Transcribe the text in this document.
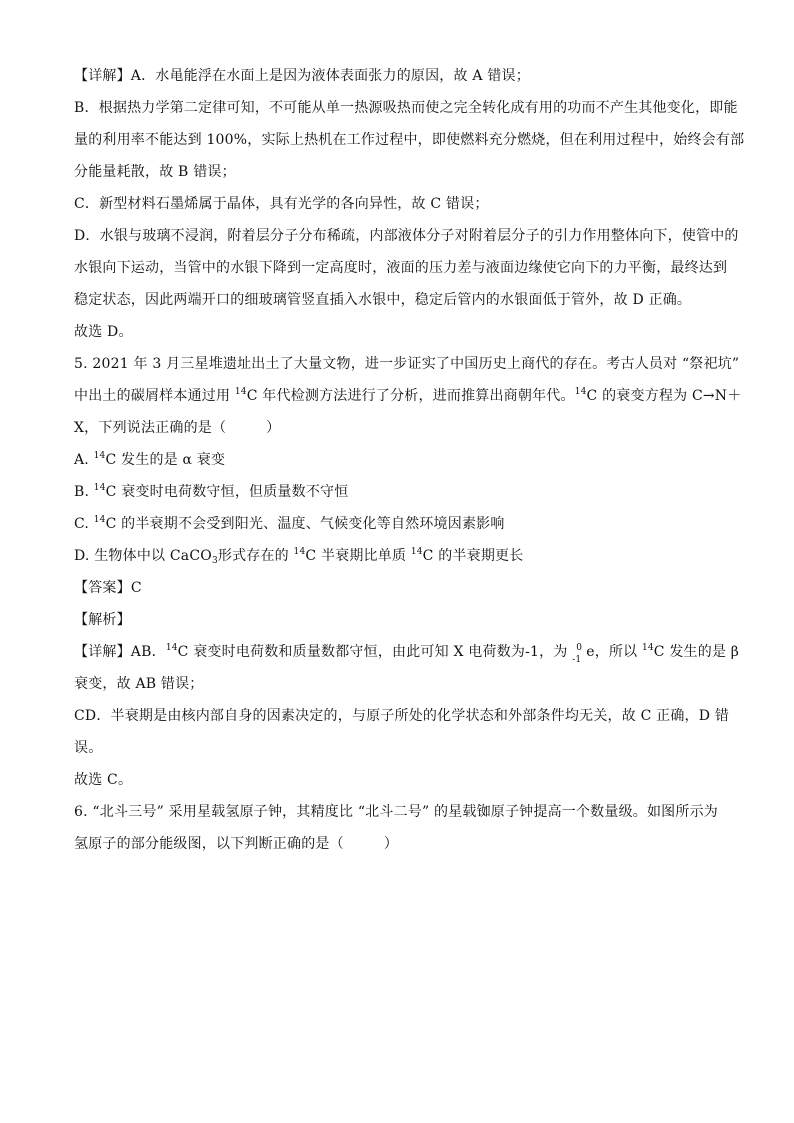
【详解】A．水黾能浮在水面上是因为液体表面张力的原因，故 A 错误；
B．根据热力学第二定律可知，不可能从单一热源吸热而使之完全转化成有用的功而不产生其他变化，即能
量的利用率不能达到 100%，实际上热机在工作过程中，即使燃料充分燃烧，但在利用过程中，始终会有部
分能量耗散，故 B 错误；
C．新型材料石墨烯属于晶体，具有光学的各向异性，故 C 错误；
D．水银与玻璃不浸润，附着层分子分布稀疏，内部液体分子对附着层分子的引力作用整体向下，使管中的
水银向下运动，当管中的水银下降到一定高度时，液面的压力差与液面边缘使它向下的力平衡，最终达到
稳定状态，因此两端开口的细玻璃管竖直插入水银中，稳定后管内的水银面低于管外，故 D 正确。
故选 D。
5. 2021 年 3 月三星堆遗址出土了大量文物，进一步证实了中国历史上商代的存在。考古人员对 “祭祀坑”
中出土的碳屑样本通过用 $^{14}$C 年代检测方法进行了分析，进而推算出商朝年代。$^{14}$C 的衰变方程为 C→N＋
X，下列说法正确的是（	）
A. $^{14}$C 发生的是 α 衰变
B. $^{14}$C 衰变时电荷数守恒，但质量数不守恒
C. $^{14}$C 的半衰期不会受到阳光、温度、气候变化等自然环境因素影响
D. 生物体中以 CaCO$_3$形式存在的 $^{14}$C 半衰期比单质 $^{14}$C 的半衰期更长
【答案】C
【解析】
【详解】AB．$^{14}$C 衰变时电荷数和质量数都守恒，由此可知 X 电荷数为-1，为 0
-1 e，所以 $^{14}$C 发生的是 β
衰变，故 AB 错误；
CD．半衰期是由核内部自身的因素决定的，与原子所处的化学状态和外部条件均无关，故 C 正确，D 错
误。
故选 C。
6. “北斗三号” 采用星载氢原子钟，其精度比 “北斗二号” 的星载铷原子钟提高一个数量级。如图所示为
氢原子的部分能级图，以下判断正确的是（	）
